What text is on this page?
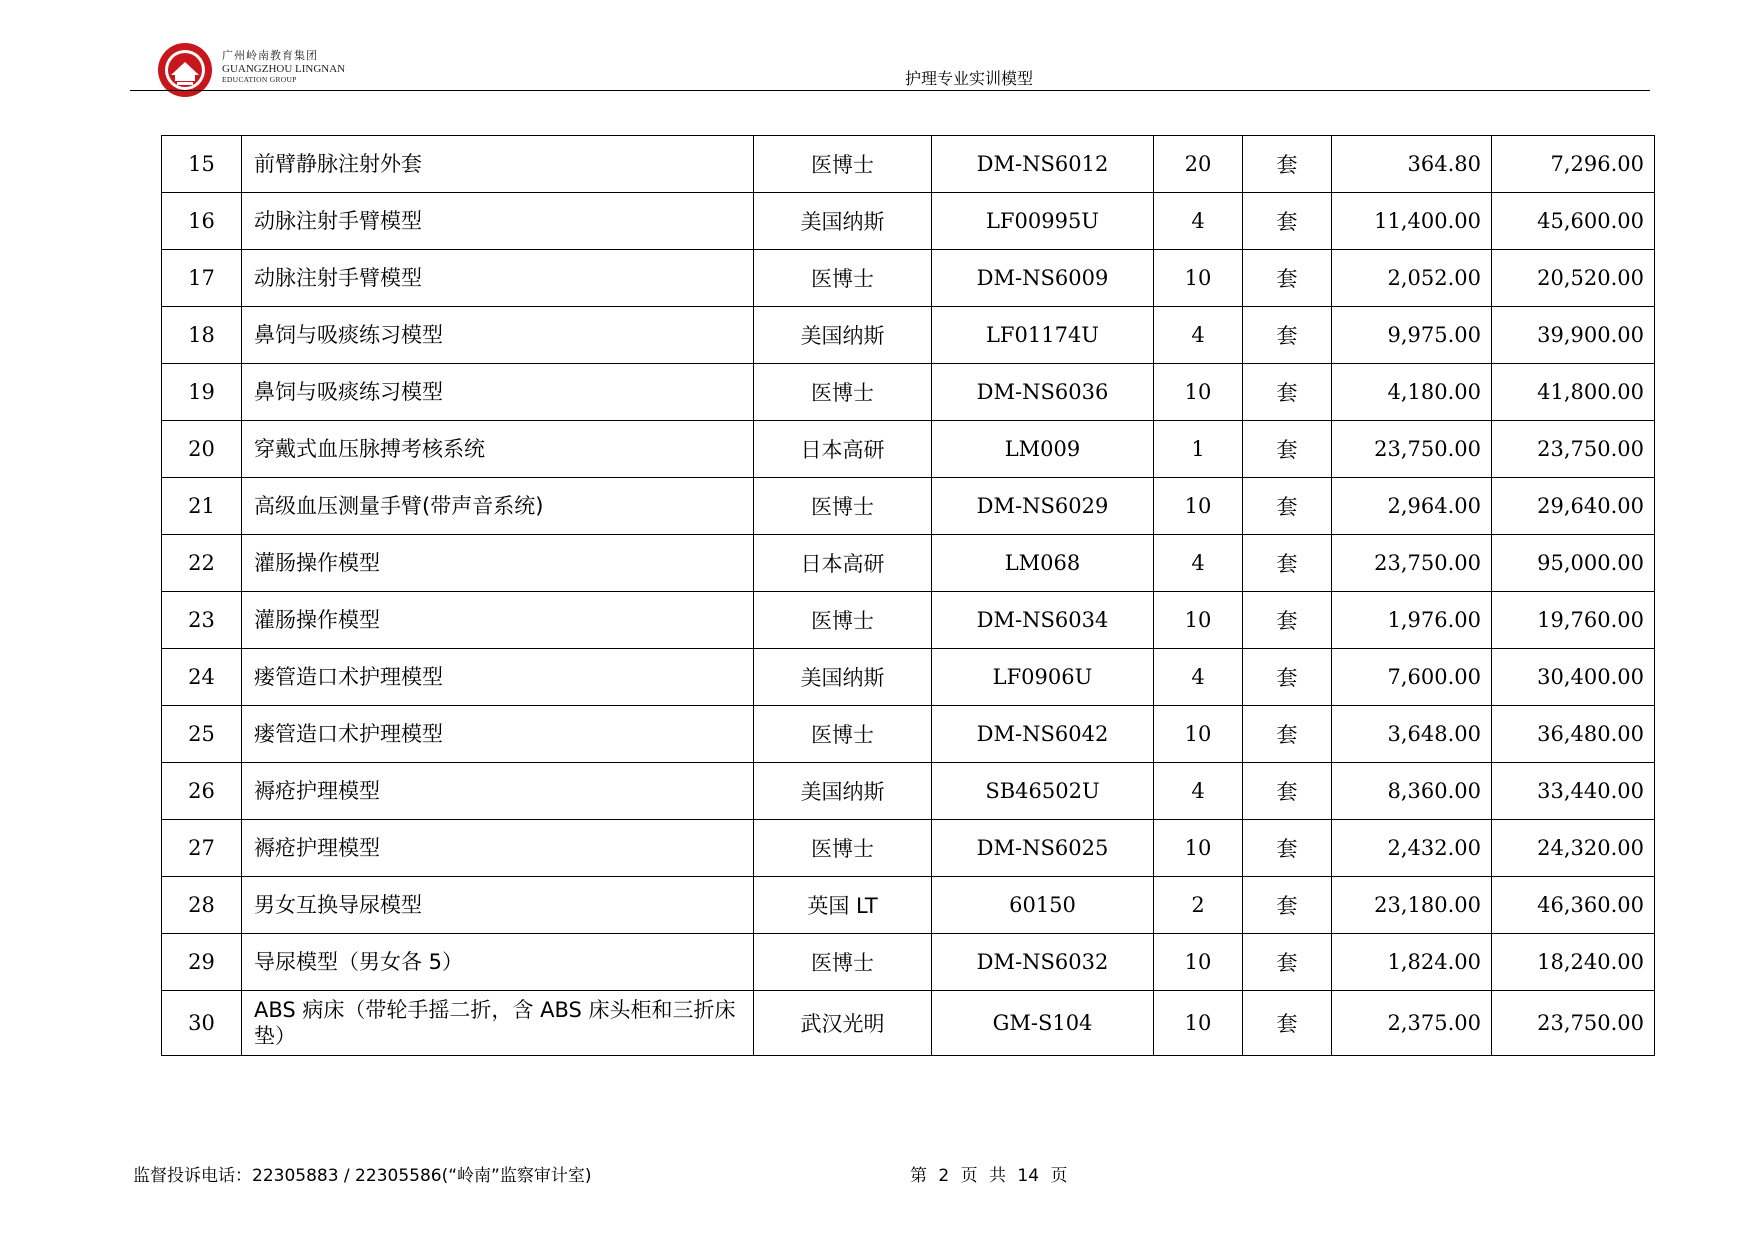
广州岭南教育集团
GUANGZHOU LINGNAN
EDUCATION GROUP	护理专业实训模型
15	前臂静脉注射外套	医博士	DM-NS6012	20	套	364.80	7,296.00
16	动脉注射手臂模型	美国纳斯	LF00995U	4	套	11,400.00	45,600.00
17	动脉注射手臂模型	医博士	DM-NS6009	10	套	2,052.00	20,520.00
18	鼻饲与吸痰练习模型	美国纳斯	LF01174U	4	套	9,975.00	39,900.00
19	鼻饲与吸痰练习模型	医博士	DM-NS6036	10	套	4,180.00	41,800.00
20	穿戴式血压脉搏考核系统	日本高研	LM009	1	套	23,750.00	23,750.00
21	高级血压测量手臂(带声音系统)	医博士	DM-NS6029	10	套	2,964.00	29,640.00
22	灌肠操作模型	日本高研	LM068	4	套	23,750.00	95,000.00
23	灌肠操作模型	医博士	DM-NS6034	10	套	1,976.00	19,760.00
24	瘘管造口术护理模型	美国纳斯	LF0906U	4	套	7,600.00	30,400.00
25	瘘管造口术护理模型	医博士	DM-NS6042	10	套	3,648.00	36,480.00
26	褥疮护理模型	美国纳斯	SB46502U	4	套	8,360.00	33,440.00
27	褥疮护理模型	医博士	DM-NS6025	10	套	2,432.00	24,320.00
28	男女互换导尿模型	英国 LT	60150	2	套	23,180.00	46,360.00
29	导尿模型（男女各 5）	医博士	DM-NS6032	10	套	1,824.00	18,240.00
30	ABS 病床（带轮手摇二折，含 ABS 床头柜和三折床垫）	武汉光明	GM-S104	10	套	2,375.00	23,750.00
监督投诉电话：22305883 / 22305586(“岭南”监察审计室)	第 2 页 共 14 页
